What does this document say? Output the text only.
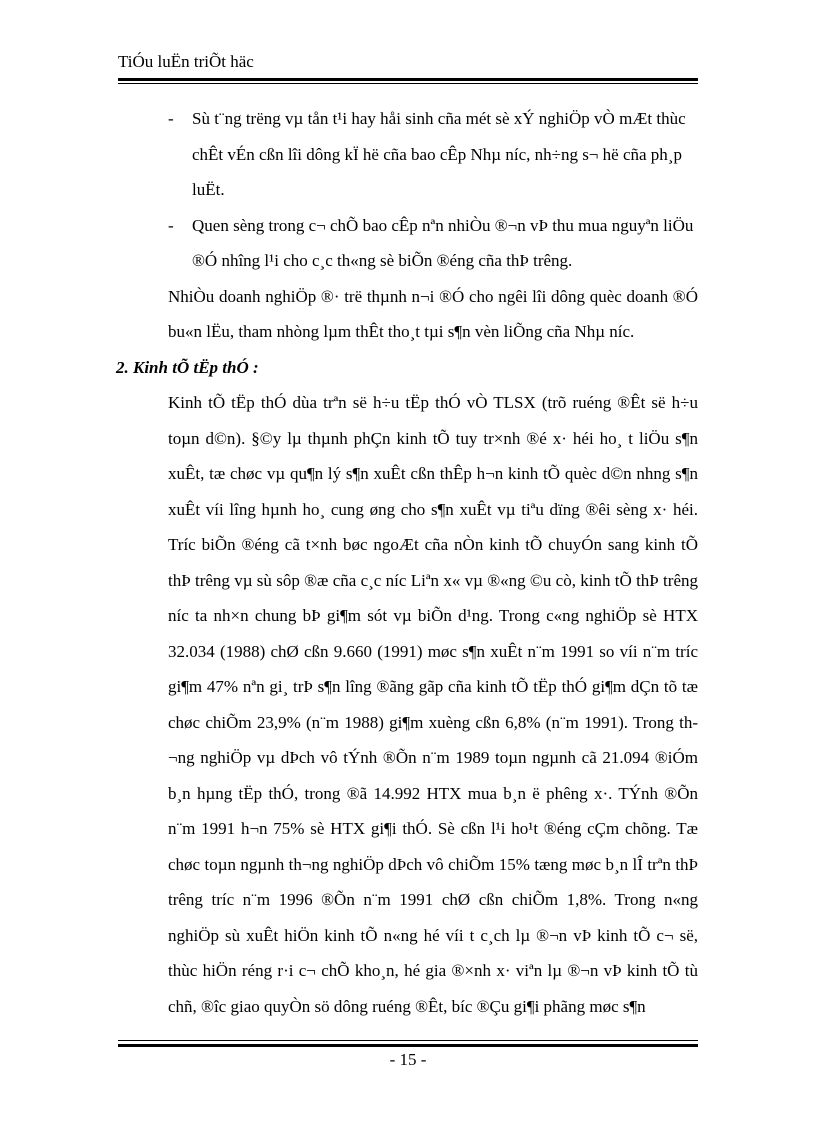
TiÓu luËn triÕt häc
- Sù t¨ng trëng vµ tån t¹i hay håi sinh cña mét sè xÝ nghiÖp vÒ mÆt thùc chÊt vÉn cßn lîi dông kÏ hë cña bao cÊp Nhµ níc, nh÷ng s¬ hë cña ph¸p luËt.
- Quen sèng trong c¬ chÕ bao cÊp nªn nhiÒu ®¬n vÞ thu mua nguyªn liÖu ®Ó nhîng l¹i cho c¸c th«ng sè biÕn ®éng cña thÞ trêng.
NhiÒu doanh nghiÖp ®· trë thµnh n¬i ®Ó cho ngêi lîi dông quèc doanh ®Ó bu«n lËu, tham nhòng lµm thÊt tho¸t tµi s¶n vèn liÕng cña Nhµ níc.
2. Kinh tÕ tËp thÓ :
Kinh tÕ tËp thÓ dùa trªn së h÷u tËp thÓ vÒ TLSX (trõ ruéng ®Êt së h÷u toµn d©n). §©y lµ thµnh phÇn kinh tÕ tuy tr×nh ®é x· héi ho¸ t liÖu s¶n xuÊt, tæ chøc vµ qu¶n lý s¶n xuÊt cßn thÊp h¬n kinh tÕ quèc d©n nhng s¶n xuÊt víi lîng hµnh ho¸ cung øng cho s¶n xuÊt vµ tiªu dïng ®êi sèng x· héi. Tríc biÕn ®éng cã t×nh bøc ngoÆt cña nÒn kinh tÕ chuyÓn sang kinh tÕ thÞ trêng vµ sù sôp ®æ cña c¸c níc Liªn x« vµ ®«ng ©u cò, kinh tÕ thÞ trêng níc ta nh×n chung bÞ gi¶m sót vµ biÕn d¹ng. Trong c«ng nghiÖp sè HTX 32.034 (1988) chØ cßn 9.660 (1991) møc s¶n xuÊt n¨m 1991 so víi n¨m tríc gi¶m 47% nªn gi¸ trÞ s¶n lîng ®ãng gãp cña kinh tÕ tËp thÓ gi¶m dÇn tõ tæ chøc chiÕm 23,9% (n¨m 1988) gi¶m xuèng cßn 6,8% (n¨m 1991). Trong th¬ng nghiÖp vµ dÞch vô tÝnh ®Õn n¨m 1989 toµn ngµnh cã 21.094 ®iÓm b¸n hµng tËp thÓ, trong ®ã 14.992 HTX mua b¸n ë phêng x·. TÝnh ®Õn n¨m 1991 h¬n 75% sè HTX gi¶i thÓ. Sè cßn l¹i ho¹t ®éng cÇm chõng. Tæ chøc toµn ngµnh th¬ng nghiÖp dÞch vô chiÕm 15% tæng møc b¸n lÎ trªn thÞ trêng tríc n¨m 1996 ®Õn n¨m 1991 chØ cßn chiÕm 1,8%. Trong n«ng nghiÖp sù xuÊt hiÖn kinh tÕ n«ng hé víi t c¸ch lµ ®¬n vÞ kinh tÕ c¬ së, thùc hiÖn réng r·i c¬ chÕ kho¸n, hé gia ®×nh x· viªn lµ ®¬n vÞ kinh tÕ tù chñ, ®îc giao quyÒn sö dông ruéng ®Êt, bíc ®Çu gi¶i phãng møc s¶n
- 15 -
